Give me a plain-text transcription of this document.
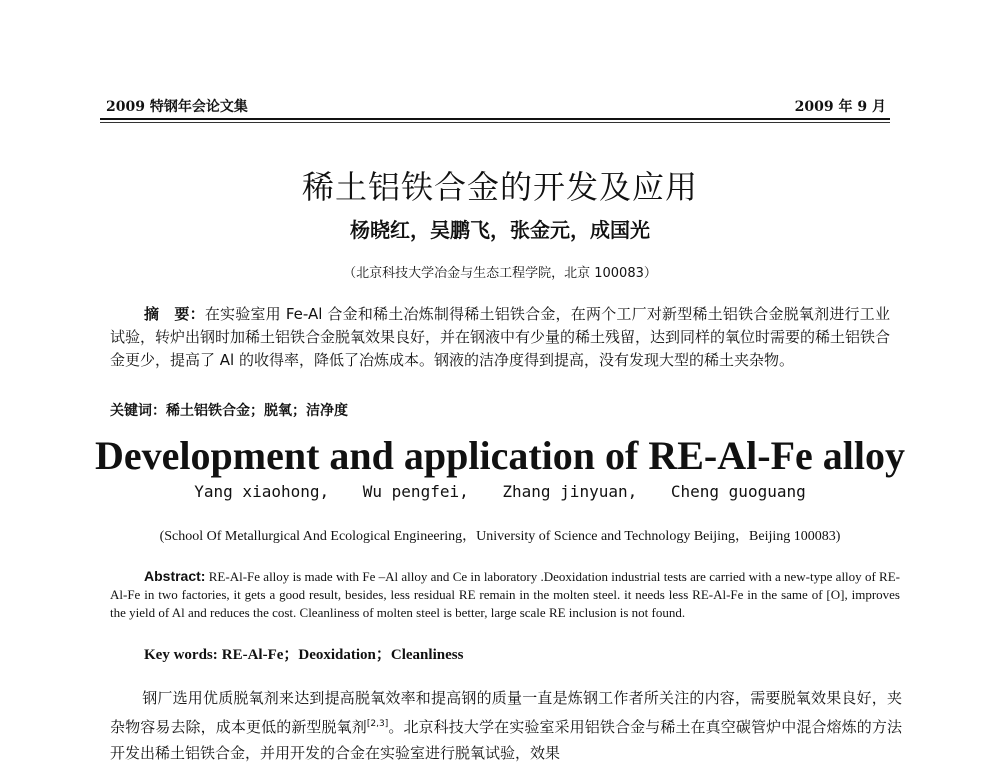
2009 特钢年会论文集	2009 年 9 月
稀土铝铁合金的开发及应用
杨晓红，吴鹏飞，张金元，成国光
（北京科技大学冶金与生态工程学院，北京 100083）
摘　要：在实验室用 Fe-Al 合金和稀土冶炼制得稀土铝铁合金，在两个工厂对新型稀土铝铁合金脱氧剂进行工业试验，转炉出钢时加稀土铝铁合金脱氧效果良好，并在钢液中有少量的稀土残留，达到同样的氧位时需要的稀土铝铁合金更少，提高了 Al 的收得率，降低了冶炼成本。钢液的洁净度得到提高，没有发现大型的稀土夹杂物。
关键词：稀土铝铁合金；脱氧；洁净度
Development and application of RE-Al-Fe alloy
Yang xiaohong, Wu pengfei, Zhang jinyuan, Cheng guoguang
(School Of Metallurgical And Ecological Engineering，University of Science and Technology Beijing，Beijing 100083)
Abstract: RE-Al-Fe alloy is made with Fe –Al alloy and Ce in laboratory .Deoxidation industrial tests are carried with a new-type alloy of RE-Al-Fe in two factories, it gets a good result, besides, less residual RE remain in the molten steel. it needs less RE-Al-Fe in the same of [O], improves the yield of Al and reduces the cost. Cleanliness of molten steel is better, large scale RE inclusion is not found.
Key words: RE-Al-Fe；Deoxidation；Cleanliness
钢厂选用优质脱氧剂来达到提高脱氧效率和提高钢的质量一直是炼钢工作者所关注的内容，需要脱氧效果良好，夹杂物容易去除，成本更低的新型脱氧剂[2,3]。北京科技大学在实验室采用铝铁合金与稀土在真空碳管炉中混合熔炼的方法开发出稀土铝铁合金，并用开发的合金在实验室进行脱氧试验，效果
